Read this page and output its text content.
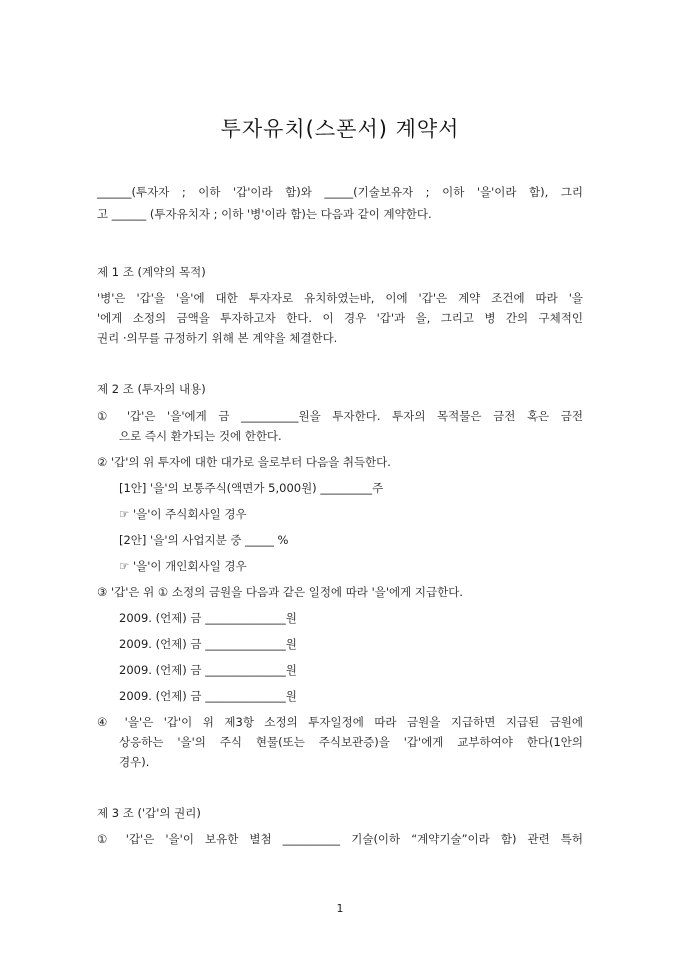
투자유치(스폰서) 계약서
______(투자자 ; 이하 '갑'이라 함)와 _____(기술보유자 ; 이하 '을'이라 함), 그리
고 ______ (투자유치자 ; 이하 '병'이라 함)는 다음과 같이 계약한다.
제 1 조 (계약의 목적)
'병'은 '갑'을 '을'에 대한 투자자로 유치하였는바, 이에 '갑'은 계약 조건에 따라 '을
'에게 소정의 금액을 투자하고자 한다. 이 경우 '갑'과 을, 그리고 병 간의 구체적인
권리 ·의무를 규정하기 위해 본 계약을 체결한다.
제 2 조 (투자의 내용)
① '갑'은 '을'에게 금 __________원을 투자한다. 투자의 목적물은 금전 혹은 금전
으로 즉시 환가되는 것에 한한다.
② '갑'의 위 투자에 대한 대가로 을로부터 다음을 취득한다.
[1안] '을'의 보통주식(액면가 5,000원) _________주
☞ '을'이 주식회사일 경우
[2안] '을'의 사업지분 중 _____ %
☞ '을'이 개인회사일 경우
③ '갑'은 위 ① 소정의 금원을 다음과 같은 일정에 따라 '을'에게 지급한다.
2009. (언제) 금 ______________원
2009. (언제) 금 ______________원
2009. (언제) 금 ______________원
2009. (언제) 금 ______________원
④ '을'은 '갑'이 위 제3항 소정의 투자일정에 따라 금원을 지급하면 지급된 금원에
상응하는 '을'의 주식 현물(또는 주식보관증)을 '갑'에게 교부하여야 한다(1안의
경우).
제 3 조 ('갑'의 권리)
① '갑'은 '을'이 보유한 별첨 __________ 기술(이하 “계약기술”이라 함) 관련 특허
1
